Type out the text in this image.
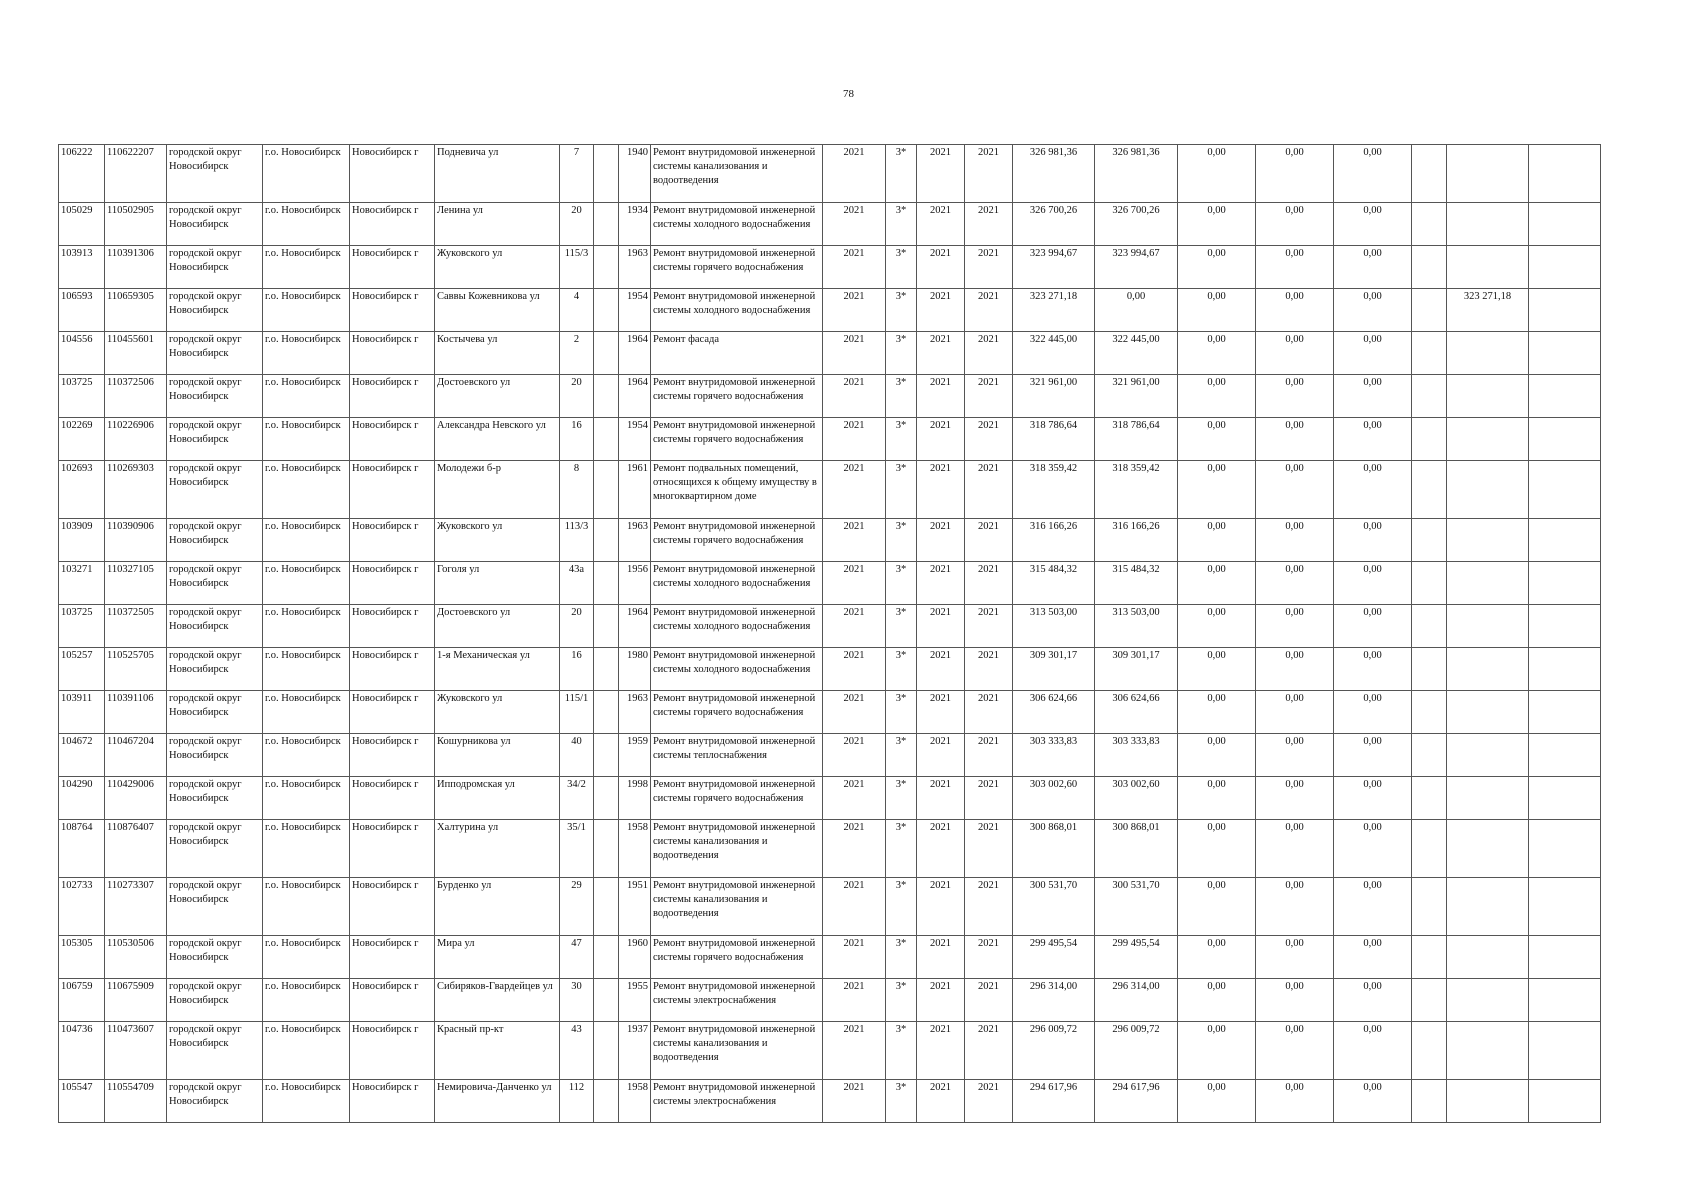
78
106222	110622207	городской округ Новосибирск	г.о. Новосибирск	Новосибирск г	Подневича ул	7		1940	Ремонт внутридомовой инженерной системы канализования и водоотведения	2021	3*	2021	2021	326 981,36	326 981,36	0,00	0,00	0,00			
105029	110502905	городской округ Новосибирск	г.о. Новосибирск	Новосибирск г	Ленина ул	20		1934	Ремонт внутридомовой инженерной системы холодного водоснабжения	2021	3*	2021	2021	326 700,26	326 700,26	0,00	0,00	0,00			
103913	110391306	городской округ Новосибирск	г.о. Новосибирск	Новосибирск г	Жуковского ул	115/3		1963	Ремонт внутридомовой инженерной системы горячего водоснабжения	2021	3*	2021	2021	323 994,67	323 994,67	0,00	0,00	0,00			
106593	110659305	городской округ Новосибирск	г.о. Новосибирск	Новосибирск г	Саввы Кожевникова ул	4		1954	Ремонт внутридомовой инженерной системы холодного водоснабжения	2021	3*	2021	2021	323 271,18	0,00	0,00	0,00	0,00		323 271,18	
104556	110455601	городской округ Новосибирск	г.о. Новосибирск	Новосибирск г	Костычева ул	2		1964	Ремонт фасада	2021	3*	2021	2021	322 445,00	322 445,00	0,00	0,00	0,00			
103725	110372506	городской округ Новосибирск	г.о. Новосибирск	Новосибирск г	Достоевского ул	20		1964	Ремонт внутридомовой инженерной системы горячего водоснабжения	2021	3*	2021	2021	321 961,00	321 961,00	0,00	0,00	0,00			
102269	110226906	городской округ Новосибирск	г.о. Новосибирск	Новосибирск г	Александра Невского ул	16		1954	Ремонт внутридомовой инженерной системы горячего водоснабжения	2021	3*	2021	2021	318 786,64	318 786,64	0,00	0,00	0,00			
102693	110269303	городской округ Новосибирск	г.о. Новосибирск	Новосибирск г	Молодежи б-р	8		1961	Ремонт подвальных помещений, относящихся к общему имуществу в многоквартирном доме	2021	3*	2021	2021	318 359,42	318 359,42	0,00	0,00	0,00			
103909	110390906	городской округ Новосибирск	г.о. Новосибирск	Новосибирск г	Жуковского ул	113/3		1963	Ремонт внутридомовой инженерной системы горячего водоснабжения	2021	3*	2021	2021	316 166,26	316 166,26	0,00	0,00	0,00			
103271	110327105	городской округ Новосибирск	г.о. Новосибирск	Новосибирск г	Гоголя ул	43а		1956	Ремонт внутридомовой инженерной системы холодного водоснабжения	2021	3*	2021	2021	315 484,32	315 484,32	0,00	0,00	0,00			
103725	110372505	городской округ Новосибирск	г.о. Новосибирск	Новосибирск г	Достоевского ул	20		1964	Ремонт внутридомовой инженерной системы холодного водоснабжения	2021	3*	2021	2021	313 503,00	313 503,00	0,00	0,00	0,00			
105257	110525705	городской округ Новосибирск	г.о. Новосибирск	Новосибирск г	1-я Механическая ул	16		1980	Ремонт внутридомовой инженерной системы холодного водоснабжения	2021	3*	2021	2021	309 301,17	309 301,17	0,00	0,00	0,00			
103911	110391106	городской округ Новосибирск	г.о. Новосибирск	Новосибирск г	Жуковского ул	115/1		1963	Ремонт внутридомовой инженерной системы горячего водоснабжения	2021	3*	2021	2021	306 624,66	306 624,66	0,00	0,00	0,00			
104672	110467204	городской округ Новосибирск	г.о. Новосибирск	Новосибирск г	Кошурникова ул	40		1959	Ремонт внутридомовой инженерной системы теплоснабжения	2021	3*	2021	2021	303 333,83	303 333,83	0,00	0,00	0,00			
104290	110429006	городской округ Новосибирск	г.о. Новосибирск	Новосибирск г	Ипподромская ул	34/2		1998	Ремонт внутридомовой инженерной системы горячего водоснабжения	2021	3*	2021	2021	303 002,60	303 002,60	0,00	0,00	0,00			
108764	110876407	городской округ Новосибирск	г.о. Новосибирск	Новосибирск г	Халтурина ул	35/1		1958	Ремонт внутридомовой инженерной системы канализования и водоотведения	2021	3*	2021	2021	300 868,01	300 868,01	0,00	0,00	0,00			
102733	110273307	городской округ Новосибирск	г.о. Новосибирск	Новосибирск г	Бурденко ул	29		1951	Ремонт внутридомовой инженерной системы канализования и водоотведения	2021	3*	2021	2021	300 531,70	300 531,70	0,00	0,00	0,00			
105305	110530506	городской округ Новосибирск	г.о. Новосибирск	Новосибирск г	Мира ул	47		1960	Ремонт внутридомовой инженерной системы горячего водоснабжения	2021	3*	2021	2021	299 495,54	299 495,54	0,00	0,00	0,00			
106759	110675909	городской округ Новосибирск	г.о. Новосибирск	Новосибирск г	Сибиряков-Гвардейцев ул	30		1955	Ремонт внутридомовой инженерной системы электроснабжения	2021	3*	2021	2021	296 314,00	296 314,00	0,00	0,00	0,00			
104736	110473607	городской округ Новосибирск	г.о. Новосибирск	Новосибирск г	Красный пр-кт	43		1937	Ремонт внутридомовой инженерной системы канализования и водоотведения	2021	3*	2021	2021	296 009,72	296 009,72	0,00	0,00	0,00			
105547	110554709	городской округ Новосибирск	г.о. Новосибирск	Новосибирск г	Немировича-Данченко ул	112		1958	Ремонт внутридомовой инженерной системы электроснабжения	2021	3*	2021	2021	294 617,96	294 617,96	0,00	0,00	0,00			
